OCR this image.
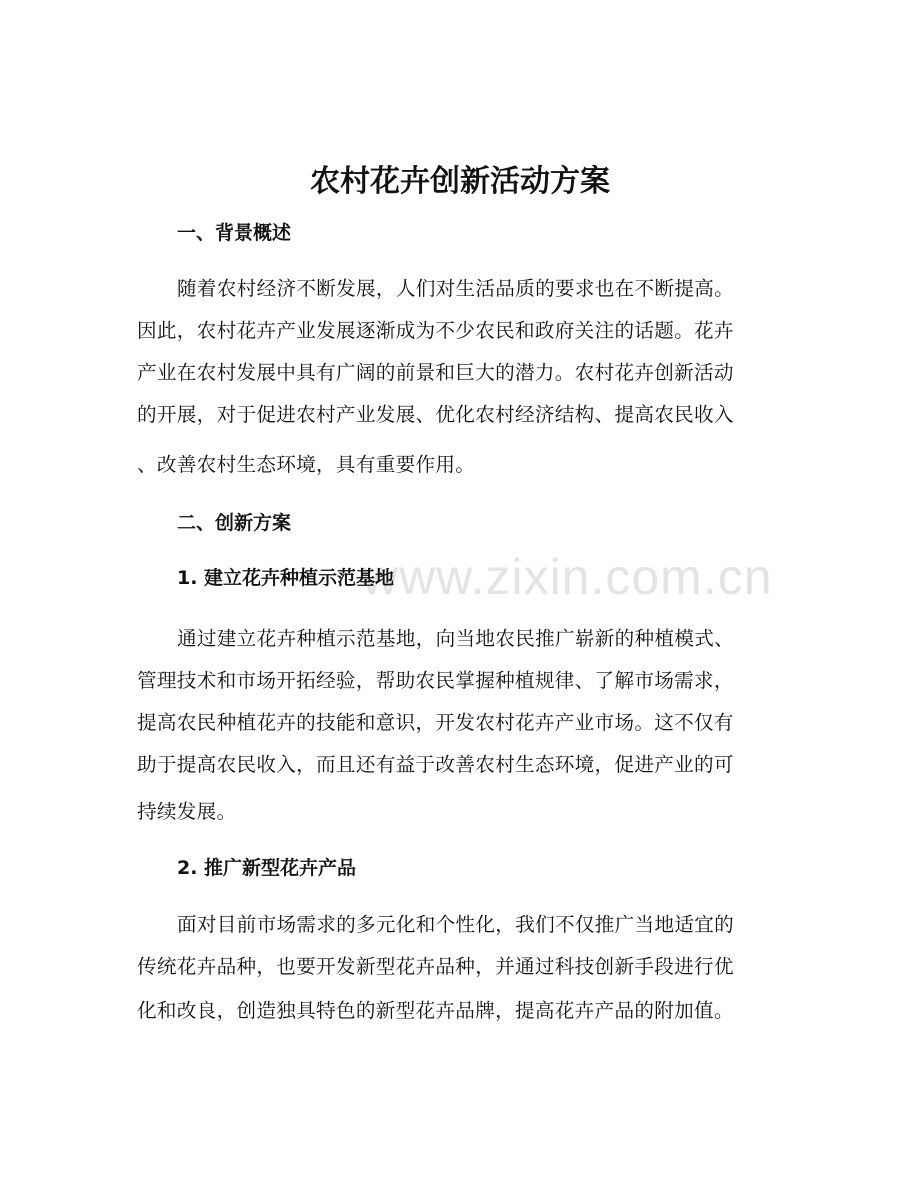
www.zixin.com.cn
农村花卉创新活动方案
一、背景概述
随着农村经济不断发展，人们对生活品质的要求也在不断提高。
因此，农村花卉产业发展逐渐成为不少农民和政府关注的话题。花卉
产业在农村发展中具有广阔的前景和巨大的潜力。农村花卉创新活动
的开展，对于促进农村产业发展、优化农村经济结构、提高农民收入
、改善农村生态环境，具有重要作用。
二、创新方案
1. 建立花卉种植示范基地
通过建立花卉种植示范基地，向当地农民推广崭新的种植模式、
管理技术和市场开拓经验，帮助农民掌握种植规律、了解市场需求，
提高农民种植花卉的技能和意识，开发农村花卉产业市场。这不仅有
助于提高农民收入，而且还有益于改善农村生态环境，促进产业的可
持续发展。
2. 推广新型花卉产品
面对目前市场需求的多元化和个性化，我们不仅推广当地适宜的
传统花卉品种，也要开发新型花卉品种，并通过科技创新手段进行优
化和改良，创造独具特色的新型花卉品牌，提高花卉产品的附加值。
